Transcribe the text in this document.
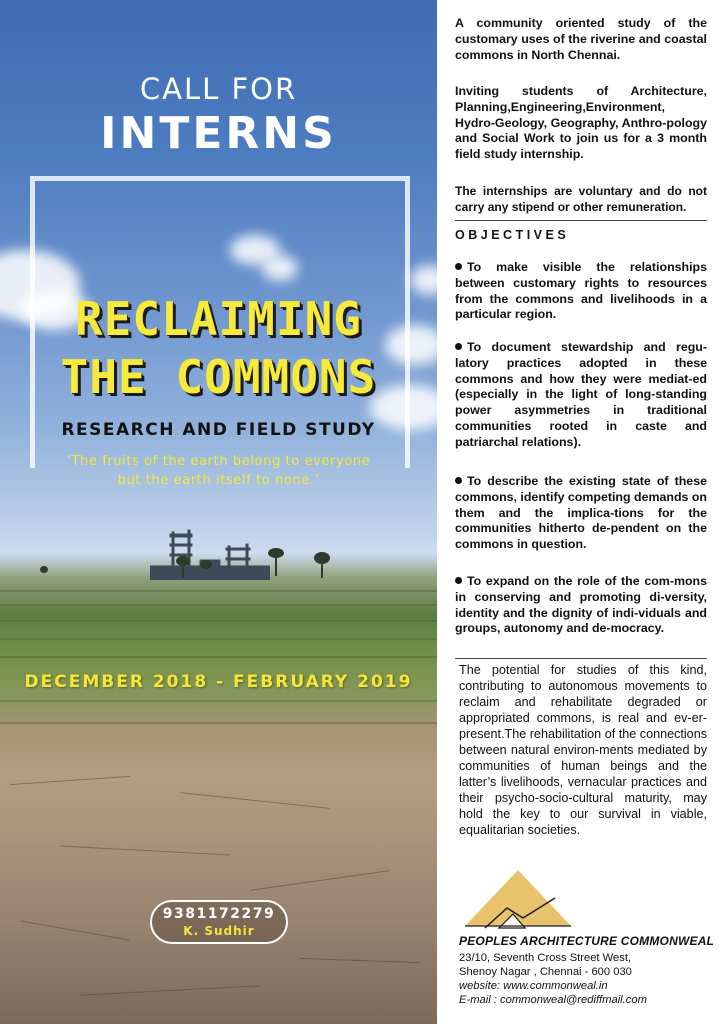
CALL FOR
INTERNS
RECLAIMING
THE COMMONS
RESEARCH AND FIELD STUDY
‘The fruits of the earth belong to everyone
but the earth itself to none.’
DECEMBER 2018 - FEBRUARY 2019
9381172279
K. Sudhir
A community oriented study of the customary uses of the riverine and coastal commons in North Chennai.
Inviting students of Architecture, Planning,Engineering,Environment, Hydro-Geology, Geography, Anthro-pology and Social Work to join us for a 3 month field study internship.
The internships are voluntary and do not carry any stipend or other remuneration.
OBJECTIVES
To make visible the relationships between customary rights to resources from the commons and livelihoods in a particular region.
To document stewardship and regu-latory practices adopted in these commons and how they were mediat-ed (especially in the light of long-standing power asymmetries in traditional communities rooted in caste and patriarchal relations).
To describe the existing state of these commons, identify competing demands on them and the implica-tions for the communities hitherto de-pendent on the commons in question.
To expand on the role of the com-mons in conserving and promoting di-versity, identity and the dignity of indi-viduals and groups, autonomy and de-mocracy.
The potential for studies of this kind, contributing to autonomous movements to reclaim and rehabilitate degraded or appropriated commons, is real and ev-er-present.The rehabilitation of the connections between natural environ-ments mediated by communities of human beings and the latter’s livelihoods, vernacular practices and their psycho-socio-cultural maturity, may hold the key to our survival in viable, equalitarian societies.
PEOPLES ARCHITECTURE COMMONWEAL
23/10, Seventh Cross Street West,
Shenoy Nagar , Chennai - 600 030
website: www.commonweal.in
E-mail : commonweal@rediffmail.com
